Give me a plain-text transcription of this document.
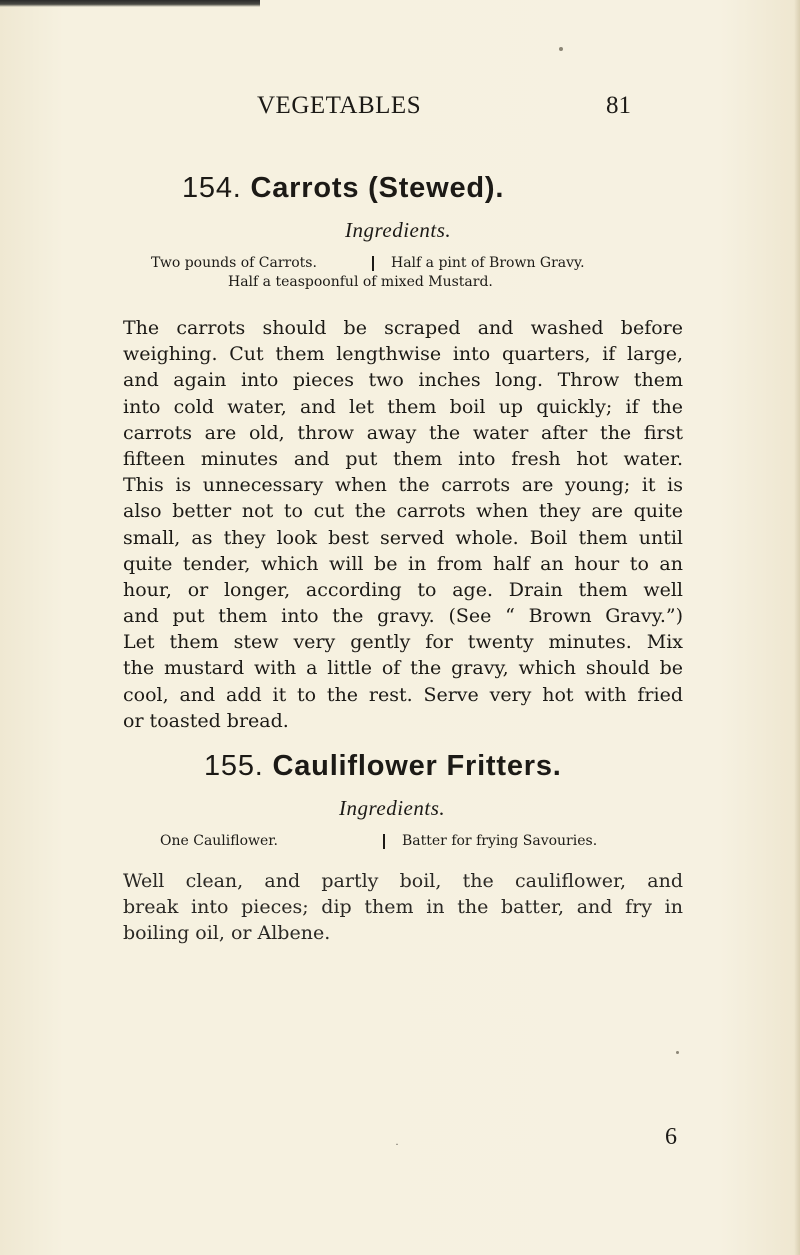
VEGETABLES	81
154. Carrots (Stewed).
Ingredients.
Two pounds of Carrots.	Half a pint of Brown Gravy.
Half a teaspoonful of mixed Mustard.
The carrots should be scraped and washed before
weighing. Cut them lengthwise into quarters, if large,
and again into pieces two inches long. Throw them
into cold water, and let them boil up quickly; if the
carrots are old, throw away the water after the first
fifteen minutes and put them into fresh hot water.
This is unnecessary when the carrots are young; it is
also better not to cut the carrots when they are quite
small, as they look best served whole. Boil them until
quite tender, which will be in from half an hour to an
hour, or longer, according to age. Drain them well
and put them into the gravy. (See “ Brown Gravy.”)
Let them stew very gently for twenty minutes. Mix
the mustard with a little of the gravy, which should be
cool, and add it to the rest. Serve very hot with fried
or toasted bread.
155. Cauliflower Fritters.
Ingredients.
One Cauliflower.	Batter for frying Savouries.
Well clean, and partly boil, the cauliflower, and
break into pieces; dip them in the batter, and fry in
boiling oil, or Albene.
·	6
